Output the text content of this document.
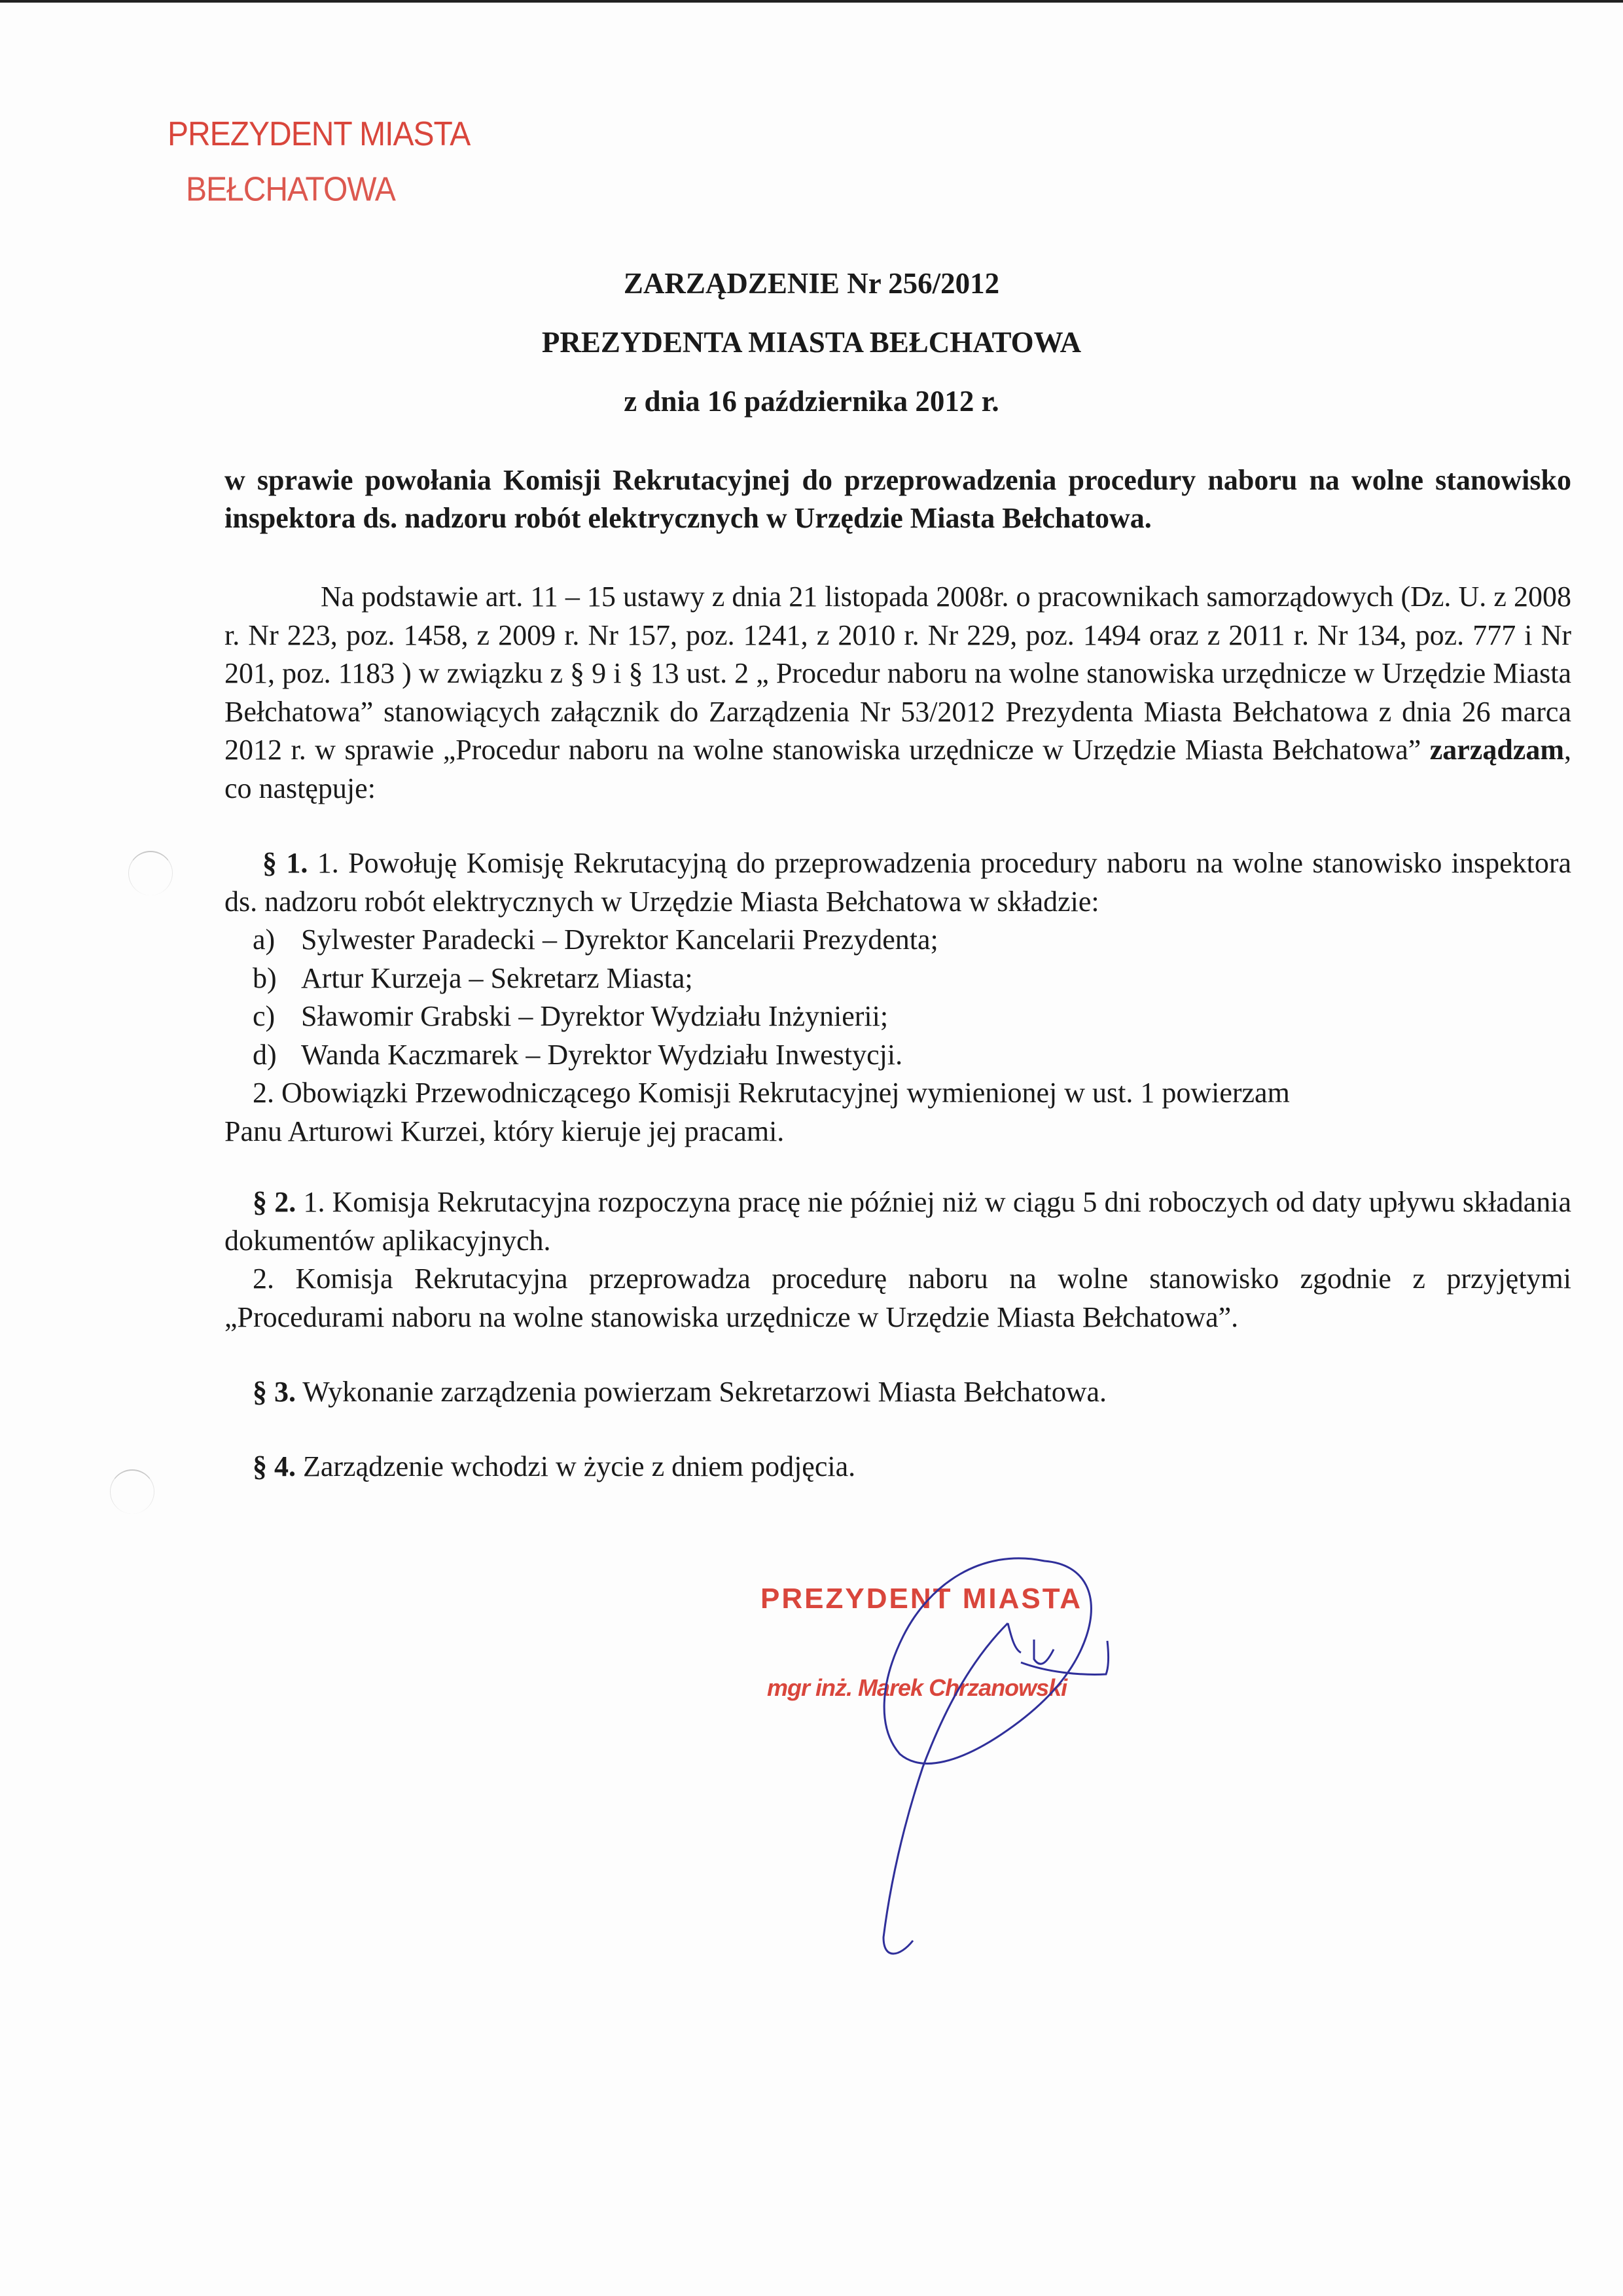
PREZYDENT MIASTA
BEŁCHATOWA
ZARZĄDZENIE Nr 256/2012
PREZYDENTA MIASTA BEŁCHATOWA
z dnia 16 października 2012 r.
w sprawie powołania Komisji Rekrutacyjnej do przeprowadzenia procedury naboru na wolne stanowisko inspektora ds. nadzoru robót elektrycznych w Urzędzie Miasta Bełchatowa.

Na podstawie art. 11 – 15 ustawy z dnia 21 listopada 2008r. o pracownikach samorządowych (Dz. U. z 2008 r. Nr 223, poz. 1458, z 2009 r. Nr 157, poz. 1241, z 2010 r. Nr 229, poz. 1494 oraz z 2011 r. Nr 134, poz. 777 i Nr 201, poz. 1183 ) w związku z § 9 i § 13 ust. 2 „ Procedur naboru na wolne stanowiska urzędnicze w Urzędzie Miasta Bełchatowa” stanowiących załącznik do Zarządzenia Nr 53/2012 Prezydenta Miasta Bełchatowa z dnia 26 marca 2012 r. w sprawie „Procedur naboru na wolne stanowiska urzędnicze w Urzędzie Miasta Bełchatowa” zarządzam, co następuje:

§ 1. 1. Powołuję Komisję Rekrutacyjną do przeprowadzenia procedury naboru na wolne stanowisko inspektora ds. nadzoru robót elektrycznych w Urzędzie Miasta Bełchatowa w składzie:

a) Sylwester Paradecki – Dyrektor Kancelarii Prezydenta;
b) Artur Kurzeja – Sekretarz Miasta;
c) Sławomir Grabski – Dyrektor Wydziału Inżynierii;
d) Wanda Kaczmarek – Dyrektor Wydziału Inwestycji.
2. Obowiązki Przewodniczącego Komisji Rekrutacyjnej wymienionej w ust. 1 powierzam
Panu Arturowi Kurzei, który kieruje jej pracami.

§ 2. 1. Komisja Rekrutacyjna rozpoczyna pracę nie później niż w ciągu 5 dni roboczych od daty upływu składania dokumentów aplikacyjnych.

2. Komisja Rekrutacyjna przeprowadza procedurę naboru na wolne stanowisko zgodnie z przyjętymi „Procedurami naboru na wolne stanowiska urzędnicze w Urzędzie Miasta Bełchatowa”.

§ 3. Wykonanie zarządzenia powierzam Sekretarzowi Miasta Bełchatowa.
§ 4. Zarządzenie wchodzi w życie z dniem podjęcia.
PREZYDENT MIASTA
mgr inż. Marek Chrzanowski
